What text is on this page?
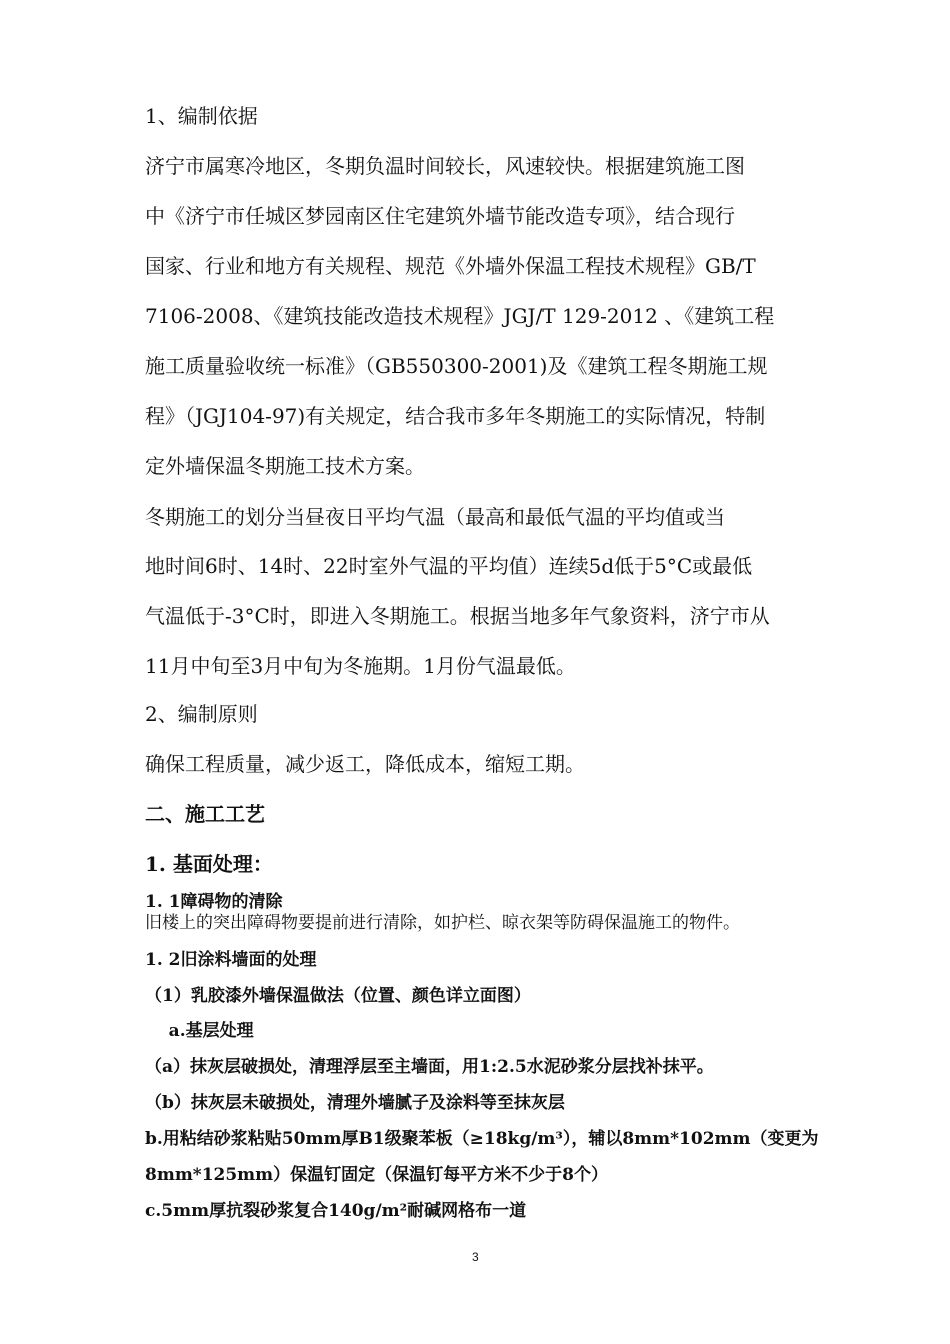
1、编制依据
济宁市属寒冷地区，冬期负温时间较长，风速较快。根据建筑施工图
中《济宁市任城区梦园南区住宅建筑外墙节能改造专项》，结合现行
国家、行业和地方有关规程、规范《外墙外保温工程技术规程》GB/T
7106-2008、《建筑技能改造技术规程》JGJ/T 129-2012 、《建筑工程
施工质量验收统一标准》（GB550300-2001)及《建筑工程冬期施工规
程》（JGJ104-97)有关规定，结合我市多年冬期施工的实际情况，特制
定外墙保温冬期施工技术方案。
冬期施工的划分当昼夜日平均气温（最高和最低气温的平均值或当
地时间6时、14时、22时室外气温的平均值）连续5d低于5°C或最低
气温低于-3°C时，即进入冬期施工。根据当地多年气象资料，济宁市从
11月中旬至3月中旬为冬施期。1月份气温最低。
2、编制原则
确保工程质量，减少返工，降低成本，缩短工期。
二、施工工艺
1. 基面处理：
1. 1障碍物的清除
旧楼上的突出障碍物要提前进行清除，如护栏、晾衣架等防碍保温施工的物件。
1. 2旧涂料墙面的处理
（1）乳胶漆外墙保温做法（位置、颜色详立面图）
a.基层处理
（a）抹灰层破损处，清理浮层至主墙面，用1:2.5水泥砂浆分层找补抹平。
（b）抹灰层未破损处，清理外墙腻子及涂料等至抹灰层
b.用粘结砂浆粘贴50mm厚B1级聚苯板（≥18kg/m³），辅以8mm*102mm（变更为
8mm*125mm）保温钉固定（保温钉每平方米不少于8个）
c.5mm厚抗裂砂浆复合140g/m²耐碱网格布一道
3
